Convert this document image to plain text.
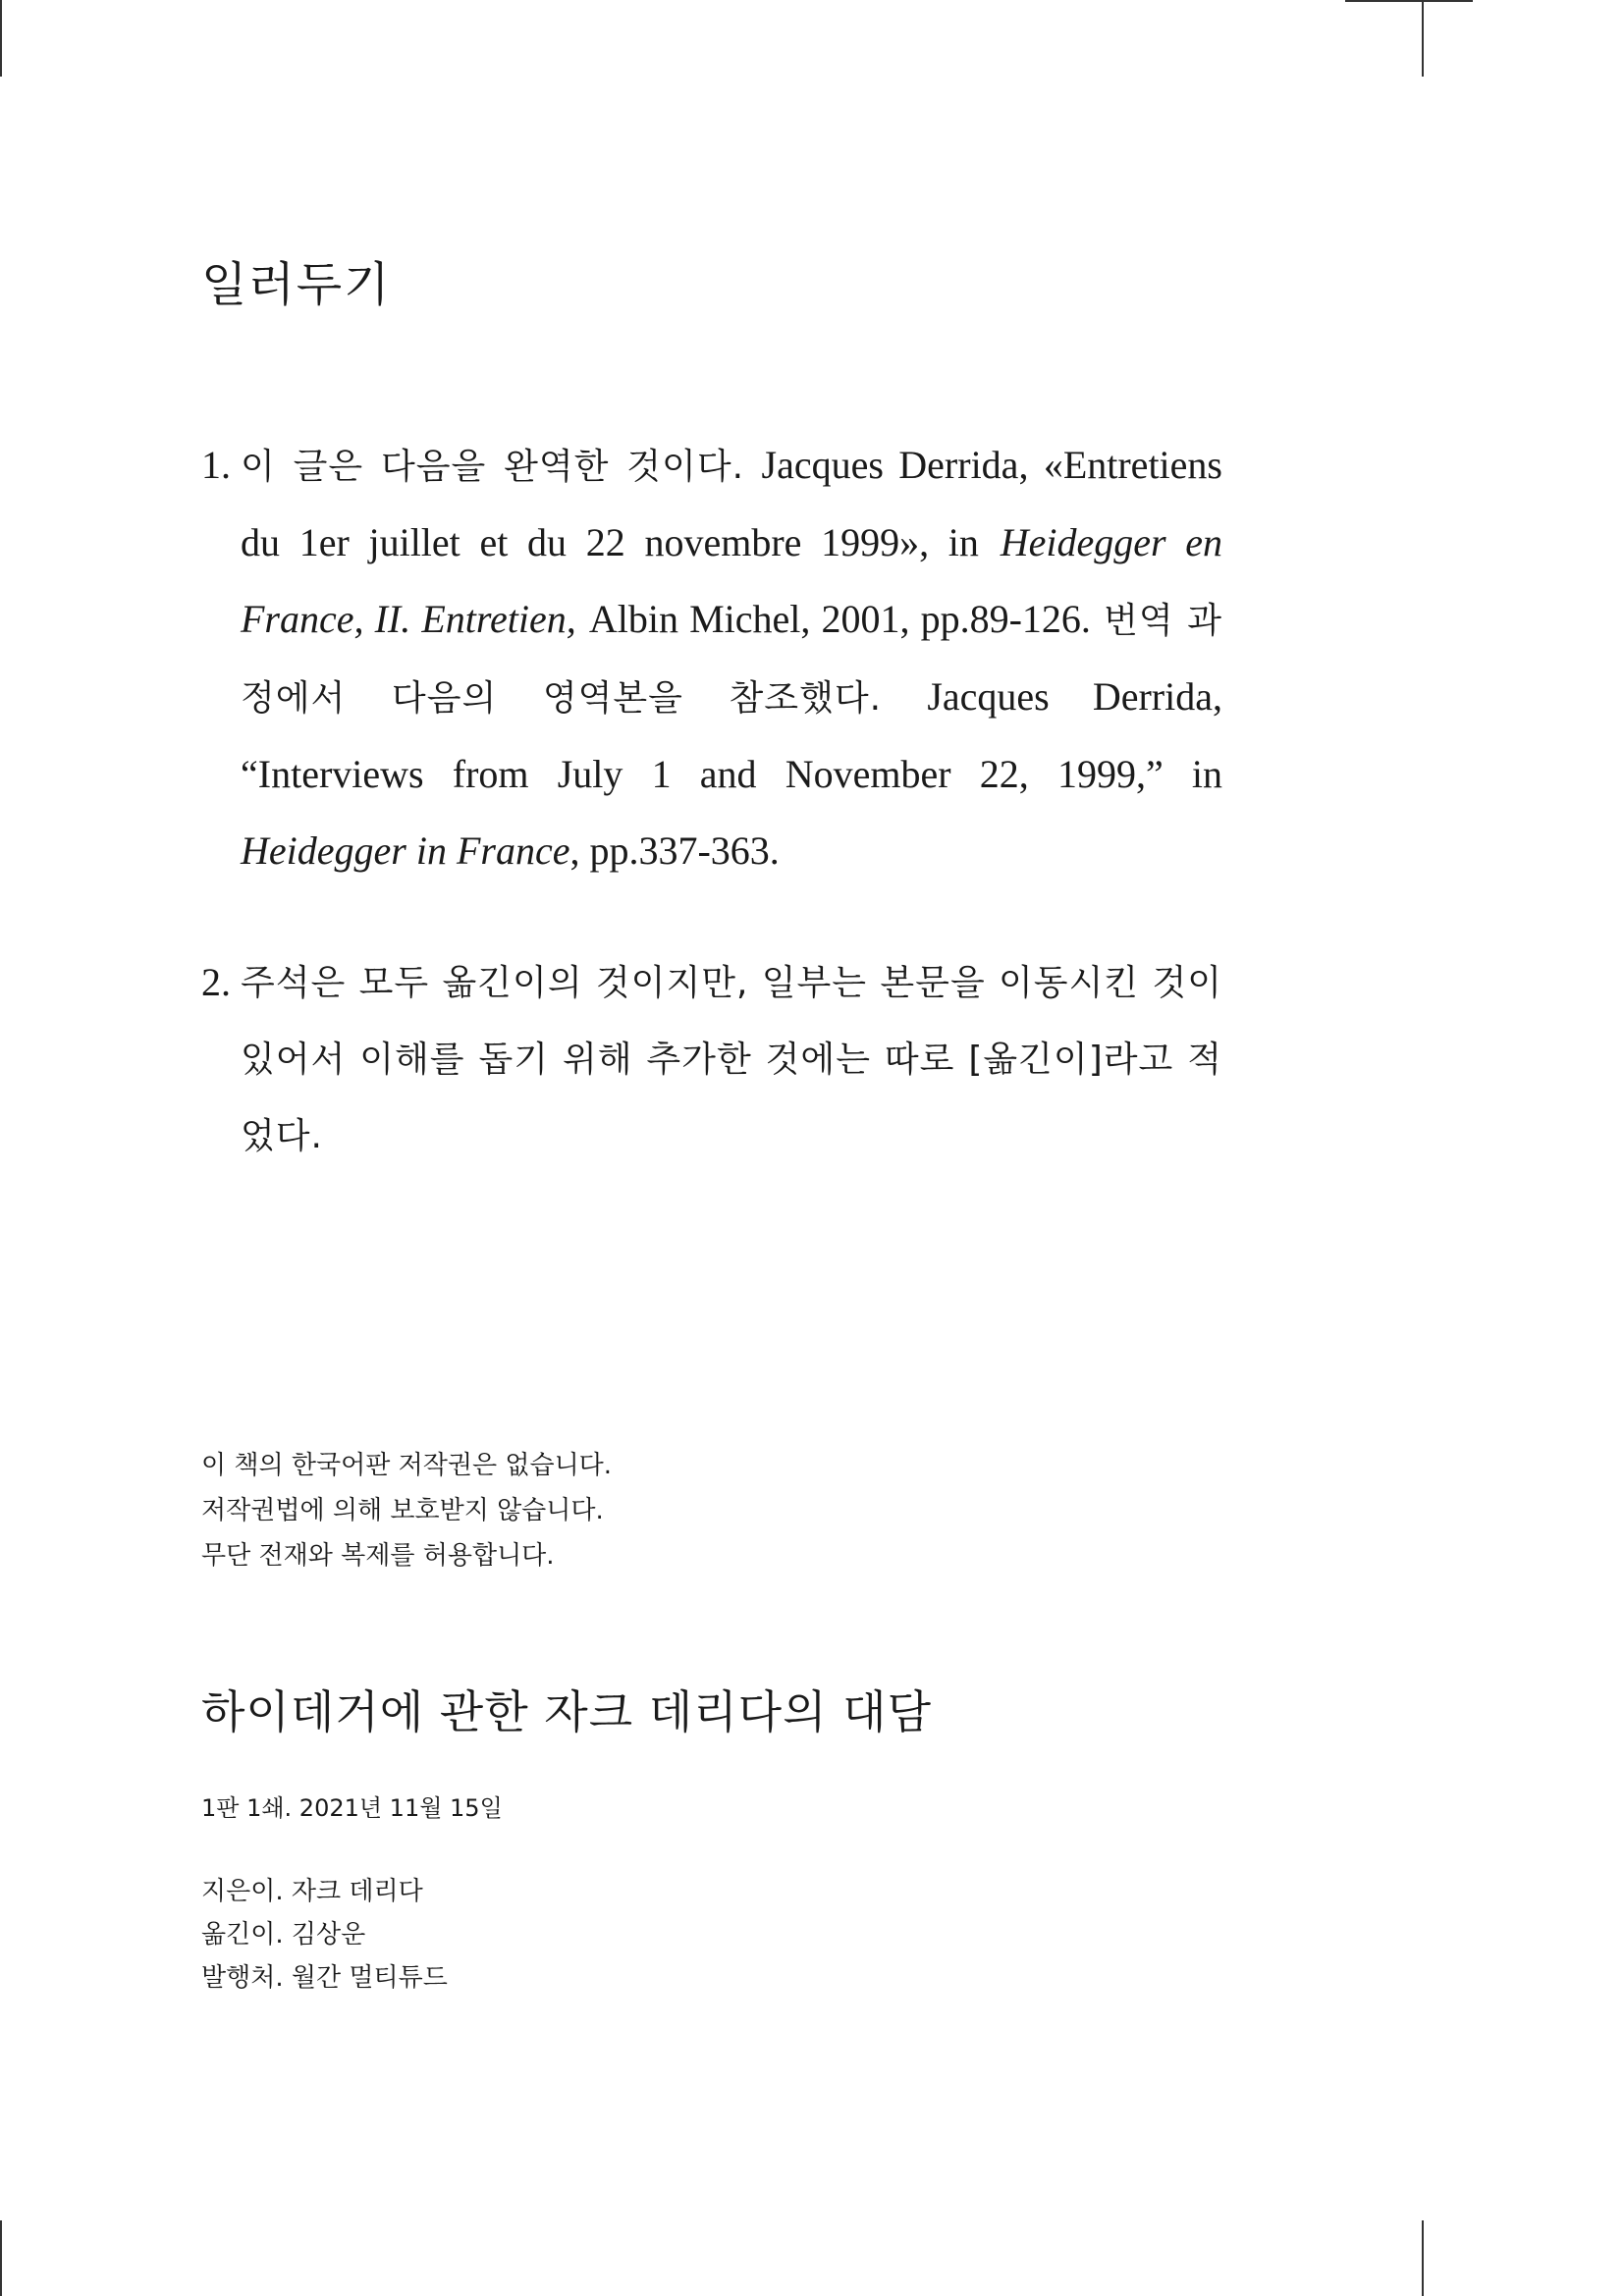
일러두기
1. 이 글은 다음을 완역한 것이다. Jacques Derrida, «Entretiens du 1er juillet et du 22 novembre 1999», in Heidegger en France, II. Entretien, Albin Michel, 2001, pp.89-126. 번역 과정에서 다음의 영역본을 참조했다. Jacques Derrida, “Interviews from July 1 and November 22, 1999,” in Heidegger in France, pp.337-363.
2. 주석은 모두 옮긴이의 것이지만, 일부는 본문을 이동시킨 것이 있어서 이해를 돕기 위해 추가한 것에는 따로 [옮긴이]라고 적었다.
이 책의 한국어판 저작권은 없습니다.
저작권법에 의해 보호받지 않습니다.
무단 전재와 복제를 허용합니다.
하이데거에 관한 자크 데리다의 대담
1판 1쇄. 2021년 11월 15일
지은이. 자크 데리다
옮긴이. 김상운
발행처. 월간 멀티튜드
